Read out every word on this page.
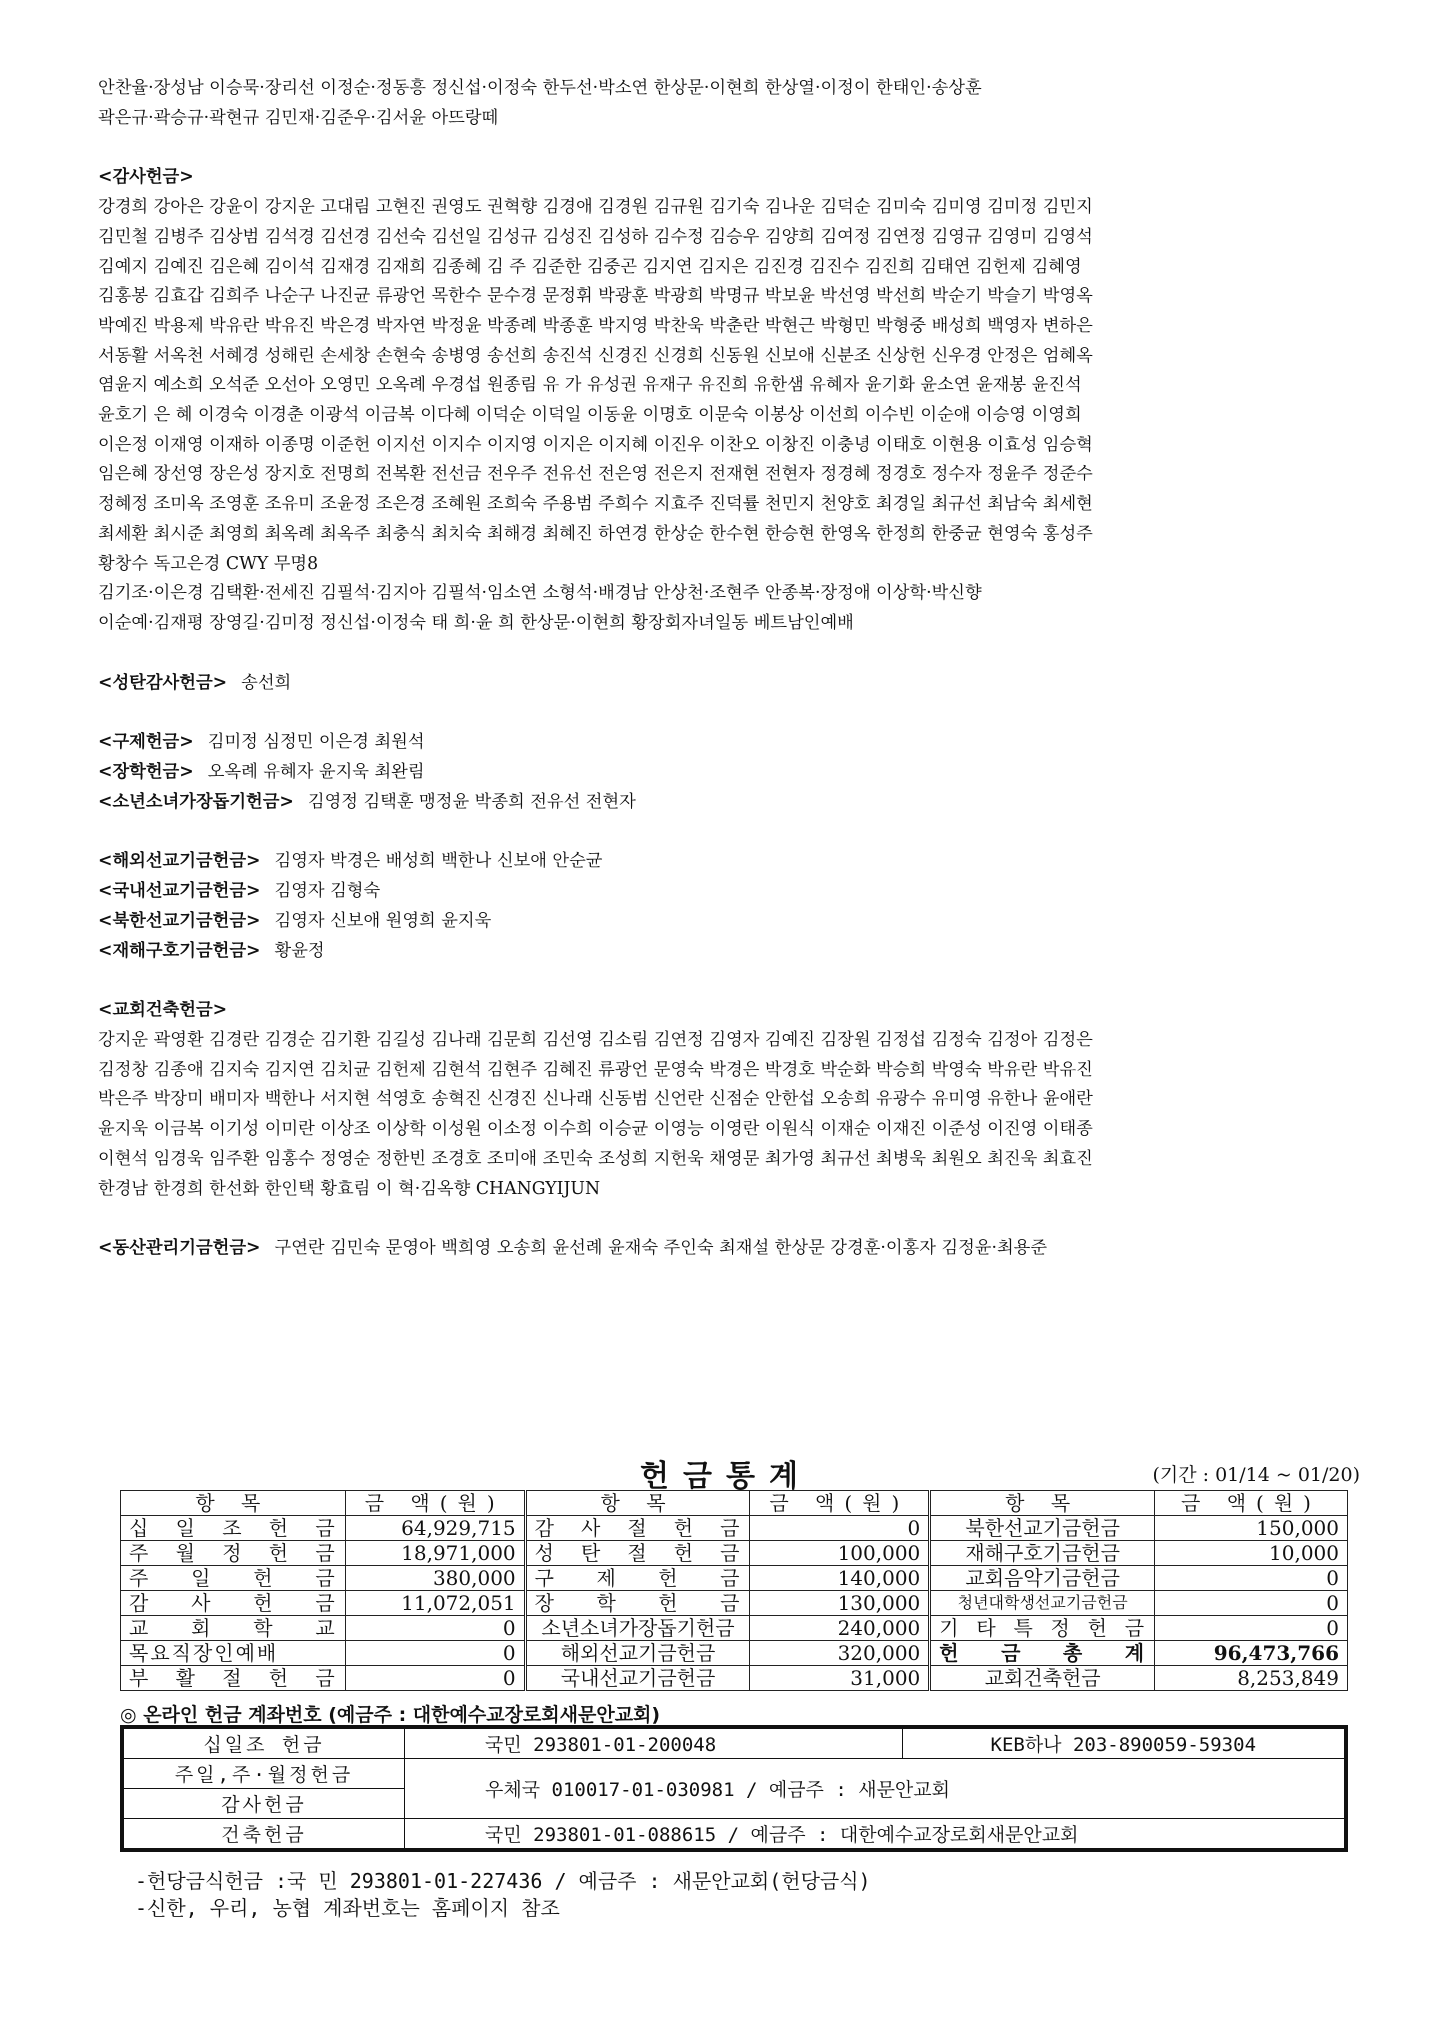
안찬율·장성남 이승묵·장리선 이정순·정동흥 정신섭·이정숙 한두선·박소연 한상문·이현희 한상열·이정이 한태인·송상훈
곽은규·곽승규·곽현규 김민재·김준우·김서윤 아뜨랑떼
<감사헌금>
강경희 강아은 강윤이 강지운 고대림 고현진 권영도 권혁향 김경애 김경원 김규원 김기숙 김나운 김덕순 김미숙 김미영 김미정 김민지
김민철 김병주 김상범 김석경 김선경 김선숙 김선일 김성규 김성진 김성하 김수정 김승우 김양희 김여정 김연정 김영규 김영미 김영석
김예지 김예진 김은혜 김이석 김재경 김재희 김종혜 김 주 김준한 김중곤 김지연 김지은 김진경 김진수 김진희 김태연 김헌제 김혜영
김홍봉 김효갑 김희주 나순구 나진균 류광언 목한수 문수경 문정휘 박광훈 박광희 박명규 박보윤 박선영 박선희 박순기 박슬기 박영옥
박예진 박용제 박유란 박유진 박은경 박자연 박정윤 박종례 박종훈 박지영 박찬욱 박춘란 박현근 박형민 박형중 배성희 백영자 변하은
서동활 서옥천 서혜경 성해린 손세창 손현숙 송병영 송선희 송진석 신경진 신경희 신동원 신보애 신분조 신상헌 신우경 안정은 엄혜옥
염윤지 예소희 오석준 오선아 오영민 오옥례 우경섭 원종림 유 가 유성권 유재구 유진희 유한샘 유혜자 윤기화 윤소연 윤재봉 윤진석
윤호기 은 혜 이경숙 이경춘 이광석 이금복 이다혜 이덕순 이덕일 이동윤 이명호 이문숙 이봉상 이선희 이수빈 이순애 이승영 이영희
이은정 이재영 이재하 이종명 이준헌 이지선 이지수 이지영 이지은 이지혜 이진우 이찬오 이창진 이충녕 이태호 이현용 이효성 임승혁
임은혜 장선영 장은성 장지호 전명희 전복환 전선금 전우주 전유선 전은영 전은지 전재현 전현자 정경혜 정경호 정수자 정윤주 정준수
정혜정 조미옥 조영훈 조유미 조윤정 조은경 조혜원 조희숙 주용범 주희수 지효주 진덕률 천민지 천양호 최경일 최규선 최남숙 최세현
최세환 최시준 최영희 최옥례 최옥주 최충식 최치숙 최해경 최혜진 하연경 한상순 한수현 한승현 한영옥 한정희 한중균 현영숙 홍성주
황창수 독고은경 CWY 무명8
김기조·이은경 김택환·전세진 김필석·김지아 김필석·임소연 소형석·배경남 안상천·조현주 안종복·장정애 이상학·박신향
이순예·김재평 장영길·김미정 정신섭·이정숙 태 희·윤 희 한상문·이현희 황장회자녀일동 베트남인예배
<성탄감사헌금> 송선희
<구제헌금> 김미정 심정민 이은경 최원석
<장학헌금> 오옥례 유혜자 윤지욱 최완림
<소년소녀가장돕기헌금> 김영정 김택훈 맹정윤 박종희 전유선 전현자
<해외선교기금헌금> 김영자 박경은 배성희 백한나 신보애 안순균
<국내선교기금헌금> 김영자 김형숙
<북한선교기금헌금> 김영자 신보애 원영희 윤지욱
<재해구호기금헌금> 황윤정
<교회건축헌금>
강지운 곽영환 김경란 김경순 김기환 김길성 김나래 김문희 김선영 김소림 김연정 김영자 김예진 김장원 김정섭 김정숙 김정아 김정은
김정창 김종애 김지숙 김지연 김치균 김헌제 김현석 김현주 김혜진 류광언 문영숙 박경은 박경호 박순화 박승희 박영숙 박유란 박유진
박은주 박장미 배미자 백한나 서지현 석영호 송혁진 신경진 신나래 신동범 신언란 신점순 안한섭 오송희 유광수 유미영 유한나 윤애란
윤지욱 이금복 이기성 이미란 이상조 이상학 이성원 이소정 이수희 이승균 이영능 이영란 이원식 이재순 이재진 이준성 이진영 이태종
이현석 임경욱 임주환 임홍수 정영순 정한빈 조경호 조미애 조민숙 조성희 지헌욱 채영문 최가영 최규선 최병욱 최원오 최진욱 최효진
한경남 한경희 한선화 한인택 황효림 이 혁·김옥향 CHANGYIJUN
<동산관리기금헌금> 구연란 김민숙 문영아 백희영 오송희 윤선례 윤재숙 주인숙 최재설 한상문 강경훈·이홍자 김정윤·최용준
헌금통계	(기간 : 01/14 ~ 01/20)
항 목	금 액(원)	항 목	금 액(원)	항 목	금 액(원)
십 일 조 헌 금	64,929,715	감 사 절 헌 금	0	북한선교기금헌금	150,000
주 월 정 헌 금	18,971,000	성 탄 절 헌 금	100,000	재해구호기금헌금	10,000
주 일 헌 금	380,000	구 제 헌 금	140,000	교회음악기금헌금	0
감 사 헌 금	11,072,051	장 학 헌 금	130,000	청년대학생선교기금헌금	0
교 회 학 교	0	소년소녀가장돕기헌금	240,000	기 타 특 정 헌 금	0
목요직장인예배	0	해외선교기금헌금	320,000	헌 금 총 계	96,473,766
부 활 절 헌 금	0	국내선교기금헌금	31,000	교회건축헌금	8,253,849
◎ 온라인 헌금 계좌번호 (예금주 : 대한예수교장로회새문안교회)
십일조 헌금	국민 293801-01-200048	KEB하나 203-890059-59304
주일,주·월정헌금	우체국 010017-01-030981 / 예금주 : 새문안교회	
감사헌금		
건축헌금	국민 293801-01-088615 / 예금주 : 대한예수교장로회새문안교회	
-헌당금식헌금 :국 민 293801-01-227436 / 예금주 : 새문안교회(헌당금식)
-신한, 우리, 농협 계좌번호는 홈페이지 참조
